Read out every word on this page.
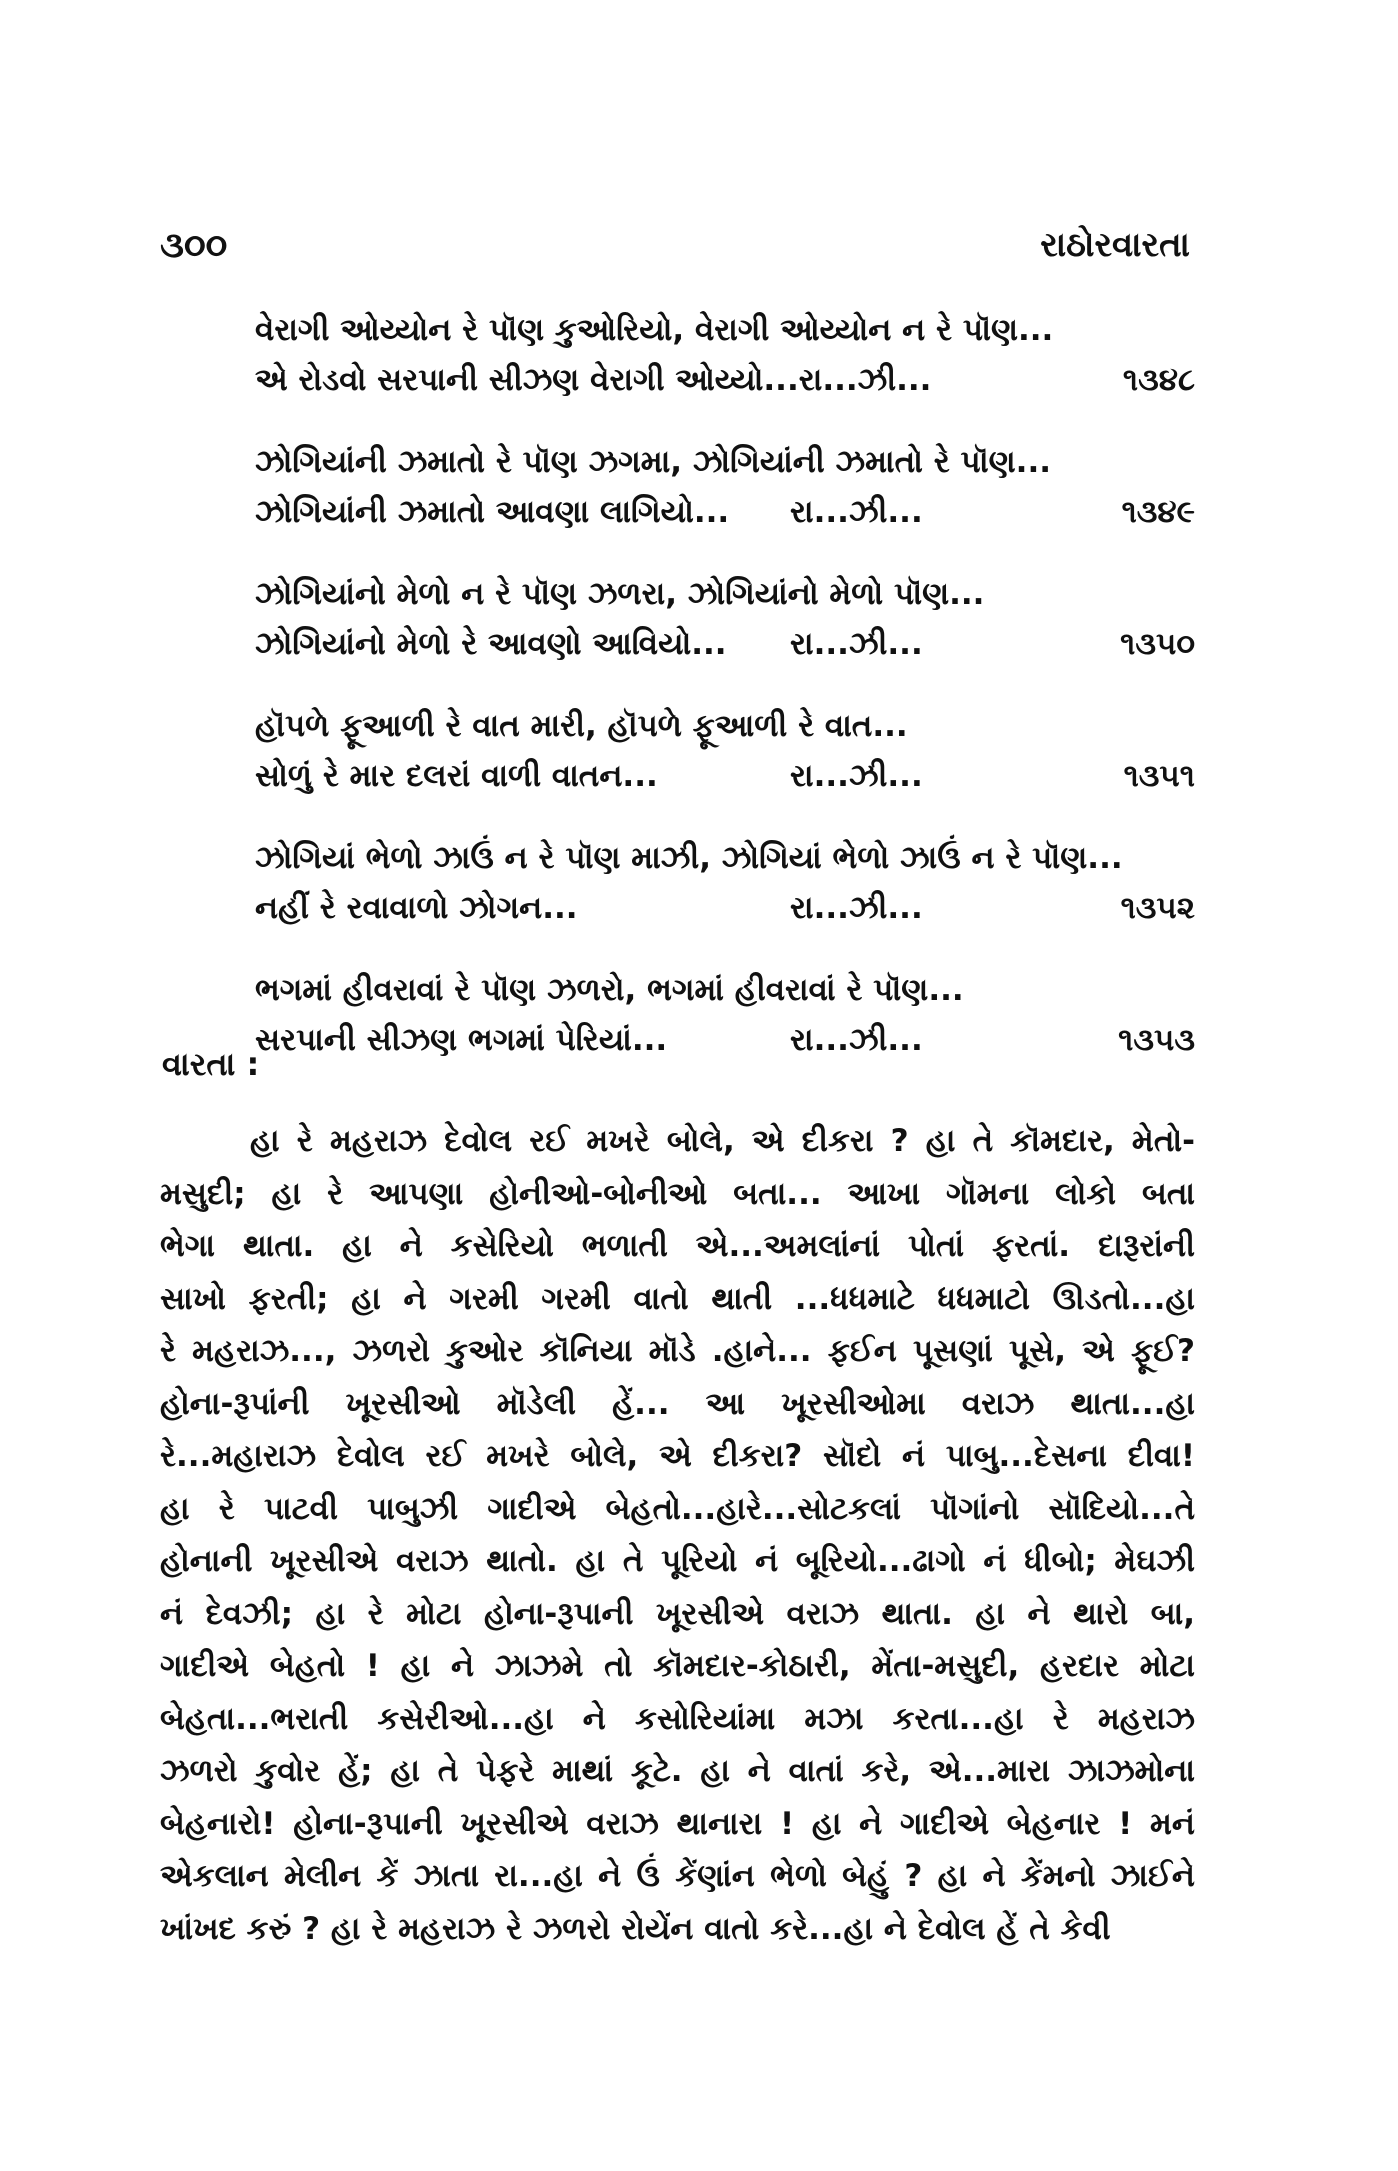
૩૦૦	રાઠોરવારતા
વેરાગી ઓય્યોન રે પૉણ કુઓરિયો, વેરાગી ઓય્યોન ન રે પૉણ...
એ રોડવો સરપાની સીઝણ વેરાગી ઓય્યો...રા...ઝી...	૧૩૪૮
ઝોગિયાંની ઝમાતો રે પૉણ ઝગમા, ઝોગિયાંની ઝમાતો રે પૉણ...
ઝોગિયાંની ઝમાતો આવણા લાગિયો... રા...ઝી...	૧૩૪૯
ઝોગિયાંનો મેળો ન રે પૉણ ઝળરા, ઝોગિયાંનો મેળો પૉણ...
ઝોગિયાંનો મેળો રે આવણો આવિયો... રા...ઝી...	૧૩૫૦
હૉપળે ફૂઆળી રે વાત મારી, હૉપળે ફૂઆળી રે વાત...
સોળું રે માર દલરાં વાળી વાતન...	રા...ઝી...	૧૩૫૧
ઝોગિયાં ભેળો ઝાઉં ન રે પૉણ માઝી, ઝોગિયાં ભેળો ઝાઉં ન રે પૉણ...
નહીં રે રવાવાળો ઝોગન...	રા...ઝી...	૧૩૫૨
ભગમાં હીવરાવાં રે પૉણ ઝળરો, ભગમાં હીવરાવાં રે પૉણ...
સરપાની સીઝણ ભગમાં પેરિયાં...	રા...ઝી...	૧૩૫૩
વારતા :
હા રે મહરાઝ દેવોલ રઈ મખરે બોલે, એ દીકરા ? હા તે કૉમદાર, મેતો-
મસુદી; હા રે આપણા હોનીઓ-બોનીઓ બતા... આખા ગૉમના લોકો બતા
ભેગા થાતા. હા ને કસેરિયો ભળાતી એ...અમલાંનાં પોતાં ફરતાં. દારૂરાંની
સાખો ફરતી; હા ને ગરમી ગરમી વાતો થાતી ...ધધમાટે ધધમાટો ઊડતો...હા
રે મહરાઝ..., ઝળરો કુઓર કૉનિયા મૉડે .હાને... ફઈન પૂસણાં પૂસે, એ ફૂઈ?
હોના-રૂપાંની ખૂરસીઓ મૉડેલી હેં... આ ખૂરસીઓમા વરાઝ થાતા...હા
રે...મહારાઝ દેવોલ રઈ મખરે બોલે, એ દીકરા? સૉદો નં પાબુ...દેસના દીવા!
હા રે પાટવી પાબુઝી ગાદીએ બેહતો...હારે...સોટકલાં પૉગાંનો સૉદિયો...તે
હોનાની ખૂરસીએ વરાઝ થાતો. હા તે પૂરિયો નં બૂરિયો...ઢાગો નં ધીબો; મેઘઝી
નં દેવઝી; હા રે મોટા હોના-રૂપાની ખૂરસીએ વરાઝ થાતા. હા ને થારો બા,
ગાદીએ બેહતો ! હા ને ઝાઝમે તો કૉમદાર-કોઠારી, મેંતા-મસુદી, હરદાર મોટા
બેહતા...ભરાતી કસેરીઓ...હા ને કસોરિયાંમા મઝા કરતા...હા રે મહરાઝ
ઝળરો કુવોર હેં; હા તે પેફરે માથાં કૂટે. હા ને વાતાં કરે, એ...મારા ઝાઝમોના
બેહનારો! હોના-રૂપાની ખૂરસીએ વરાઝ થાનારા ! હા ને ગાદીએ બેહનાર ! મનં
એકલાન મેલીન કેં ઝાતા રા...હા ને ઉં કેંણાંન ભેળો બેહું ? હા ને કેંમનો ઝાઈને
ખાંખદ કરું ? હા રે મહરાઝ રે ઝળરો રોયેંન વાતો કરે...હા ને દેવોલ હેં તે કેવી
